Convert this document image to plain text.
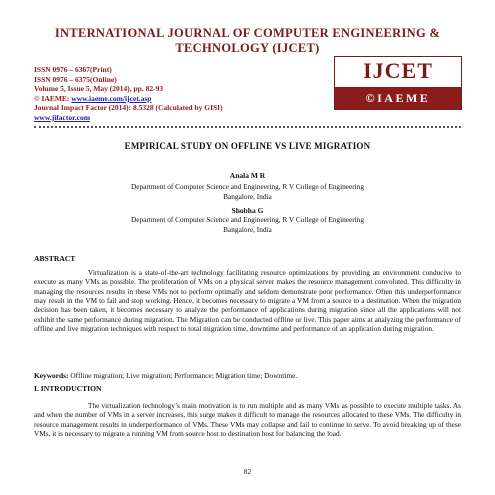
INTERNATIONAL JOURNAL OF COMPUTER ENGINEERING &
TECHNOLOGY (IJCET)
ISSN 0976 – 6367(Print)
ISSN 0976 – 6375(Online)
Volume 5, Issue 5, May (2014), pp. 82-93
© IAEME: www.iaeme.com/ijcet.asp
Journal Impact Factor (2014): 8.5328 (Calculated by GISI)
www.jifactor.com
IJCET
©IAEME
EMPIRICAL STUDY ON OFFLINE VS LIVE MIGRATION
Anala M R
Department of Computer Science and Engineering, R V College of Engineering
Bangalore, India
Shobha G
Department of Computer Science and Engineering, R V College of Engineering
Bangalore, India
ABSTRACT

Virtualization is a state-of-the-art technology facilitating resource optimizations by providing an environment conducive to execute as many VMs as possible. The proliferation of VMs on a physical server makes the resource management convoluted. This difficulty in managing the resources results in these VMs not to perform optimally and seldom demonstrate poor performance. Often this underperformance may result in the VM to fail and stop working. Hence, it becomes necessary to migrate a VM from a source to a destination. When the migration decision has been taken, it becomes necessary to analyze the performance of applications during migration since all the applications will not exhibit the same performance during migration. The Migration can be conducted offline or live. This paper aims at analyzing the performance of offline and live migration techniques with respect to total migration time, downtime and performance of an application during migration.

Keywords: Offline migration; Live migration; Performance; Migration time; Downtime.
I. INTRODUCTION

The virtualization technology’s main motivation is to run multiple and as many VMs as possible to execute multiple tasks. As and when the number of VMs in a server increases, this surge makes it difficult to manage the resources allocated to these VMs. The difficulty in resource management results in underperformance of VMs. These VMs may collapse and fail to continue to serve. To avoid breaking up of these VMs, it is necessary to migrate a running VM from source host to destination host for balancing the load.

82
